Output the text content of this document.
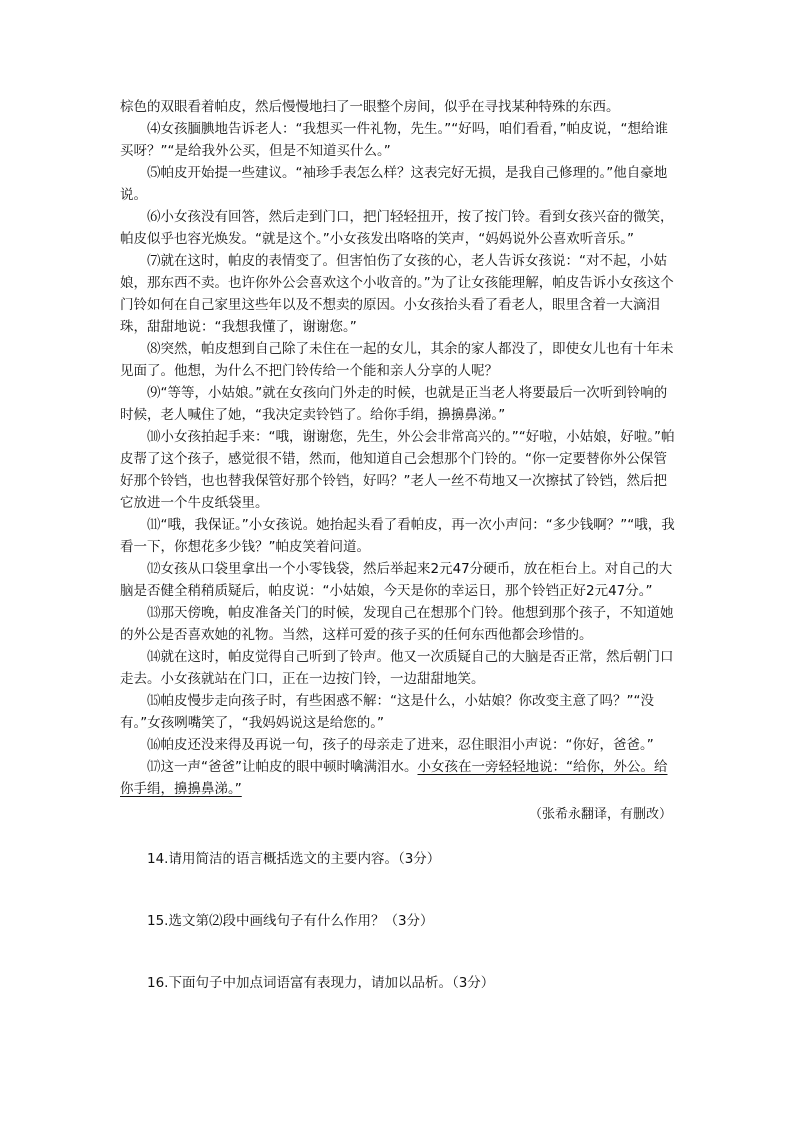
棕色的双眼看着帕皮，然后慢慢地扫了一眼整个房间，似乎在寻找某种特殊的东西。

⑷女孩腼腆地告诉老人：“我想买一件礼物，先生。”“好吗，咱们看看，”帕皮说，“想给谁买呀？”“是给我外公买，但是不知道买什么。”

⑸帕皮开始提一些建议。“袖珍手表怎么样？这表完好无损，是我自己修理的。”他自豪地说。

⑹小女孩没有回答，然后走到门口，把门轻轻扭开，按了按门铃。看到女孩兴奋的微笑，帕皮似乎也容光焕发。“就是这个。”小女孩发出咯咯的笑声，“妈妈说外公喜欢听音乐。”

⑺就在这时，帕皮的表情变了。但害怕伤了女孩的心，老人告诉女孩说：“对不起，小姑娘，那东西不卖。也许你外公会喜欢这个小收音的。”为了让女孩能理解，帕皮告诉小女孩这个门铃如何在自己家里这些年以及不想卖的原因。小女孩抬头看了看老人，眼里含着一大滴泪珠，甜甜地说：“我想我懂了，谢谢您。”

⑻突然，帕皮想到自己除了未住在一起的女儿，其余的家人都没了，即使女儿也有十年未见面了。他想，为什么不把门铃传给一个能和亲人分享的人呢？

⑼“等等，小姑娘。”就在女孩向门外走的时候，也就是正当老人将要最后一次听到铃响的时候，老人喊住了她，“我决定卖铃铛了。给你手绢，擤擤鼻涕。”

⑽小女孩拍起手来：“哦，谢谢您，先生，外公会非常高兴的。”“好啦，小姑娘，好啦。”帕皮帮了这个孩子，感觉很不错，然而，他知道自己会想那个门铃的。“你一定要替你外公保管好那个铃铛，也也替我保管好那个铃铛，好吗？”老人一丝不苟地又一次擦拭了铃铛，然后把它放进一个牛皮纸袋里。

⑾“哦，我保证。”小女孩说。她抬起头看了看帕皮，再一次小声问：“多少钱啊？”“哦，我看一下，你想花多少钱？”帕皮笑着问道。

⑿女孩从口袋里拿出一个小零钱袋，然后举起来2元47分硬币，放在柜台上。对自己的大脑是否健全稍稍质疑后，帕皮说：“小姑娘，今天是你的幸运日，那个铃铛正好2元47分。”

⒀那天傍晚，帕皮准备关门的时候，发现自己在想那个门铃。他想到那个孩子，不知道她的外公是否喜欢她的礼物。当然，这样可爱的孩子买的任何东西他都会珍惜的。

⒁就在这时，帕皮觉得自己听到了铃声。他又一次质疑自己的大脑是否正常，然后朝门口走去。小女孩就站在门口，正在一边按门铃，一边甜甜地笑。

⒂帕皮慢步走向孩子时，有些困惑不解：“这是什么，小姑娘？你改变主意了吗？”“没有。”女孩咧嘴笑了，“我妈妈说这是给您的。”

⒃帕皮还没来得及再说一句，孩子的母亲走了进来，忍住眼泪小声说：“你好，爸爸。”

⒄这一声“爸爸”让帕皮的眼中顿时噙满泪水。小女孩在一旁轻轻地说：“给你，外公。给你手绢，擤擤鼻涕。”

（张希永翻译，有删改）

14.请用简洁的语言概括选文的主要内容。（3分）

15.选文第⑵段中画线句子有什么作用？（3分）

16.下面句子中加点词语富有表现力，请加以品析。（3分）
